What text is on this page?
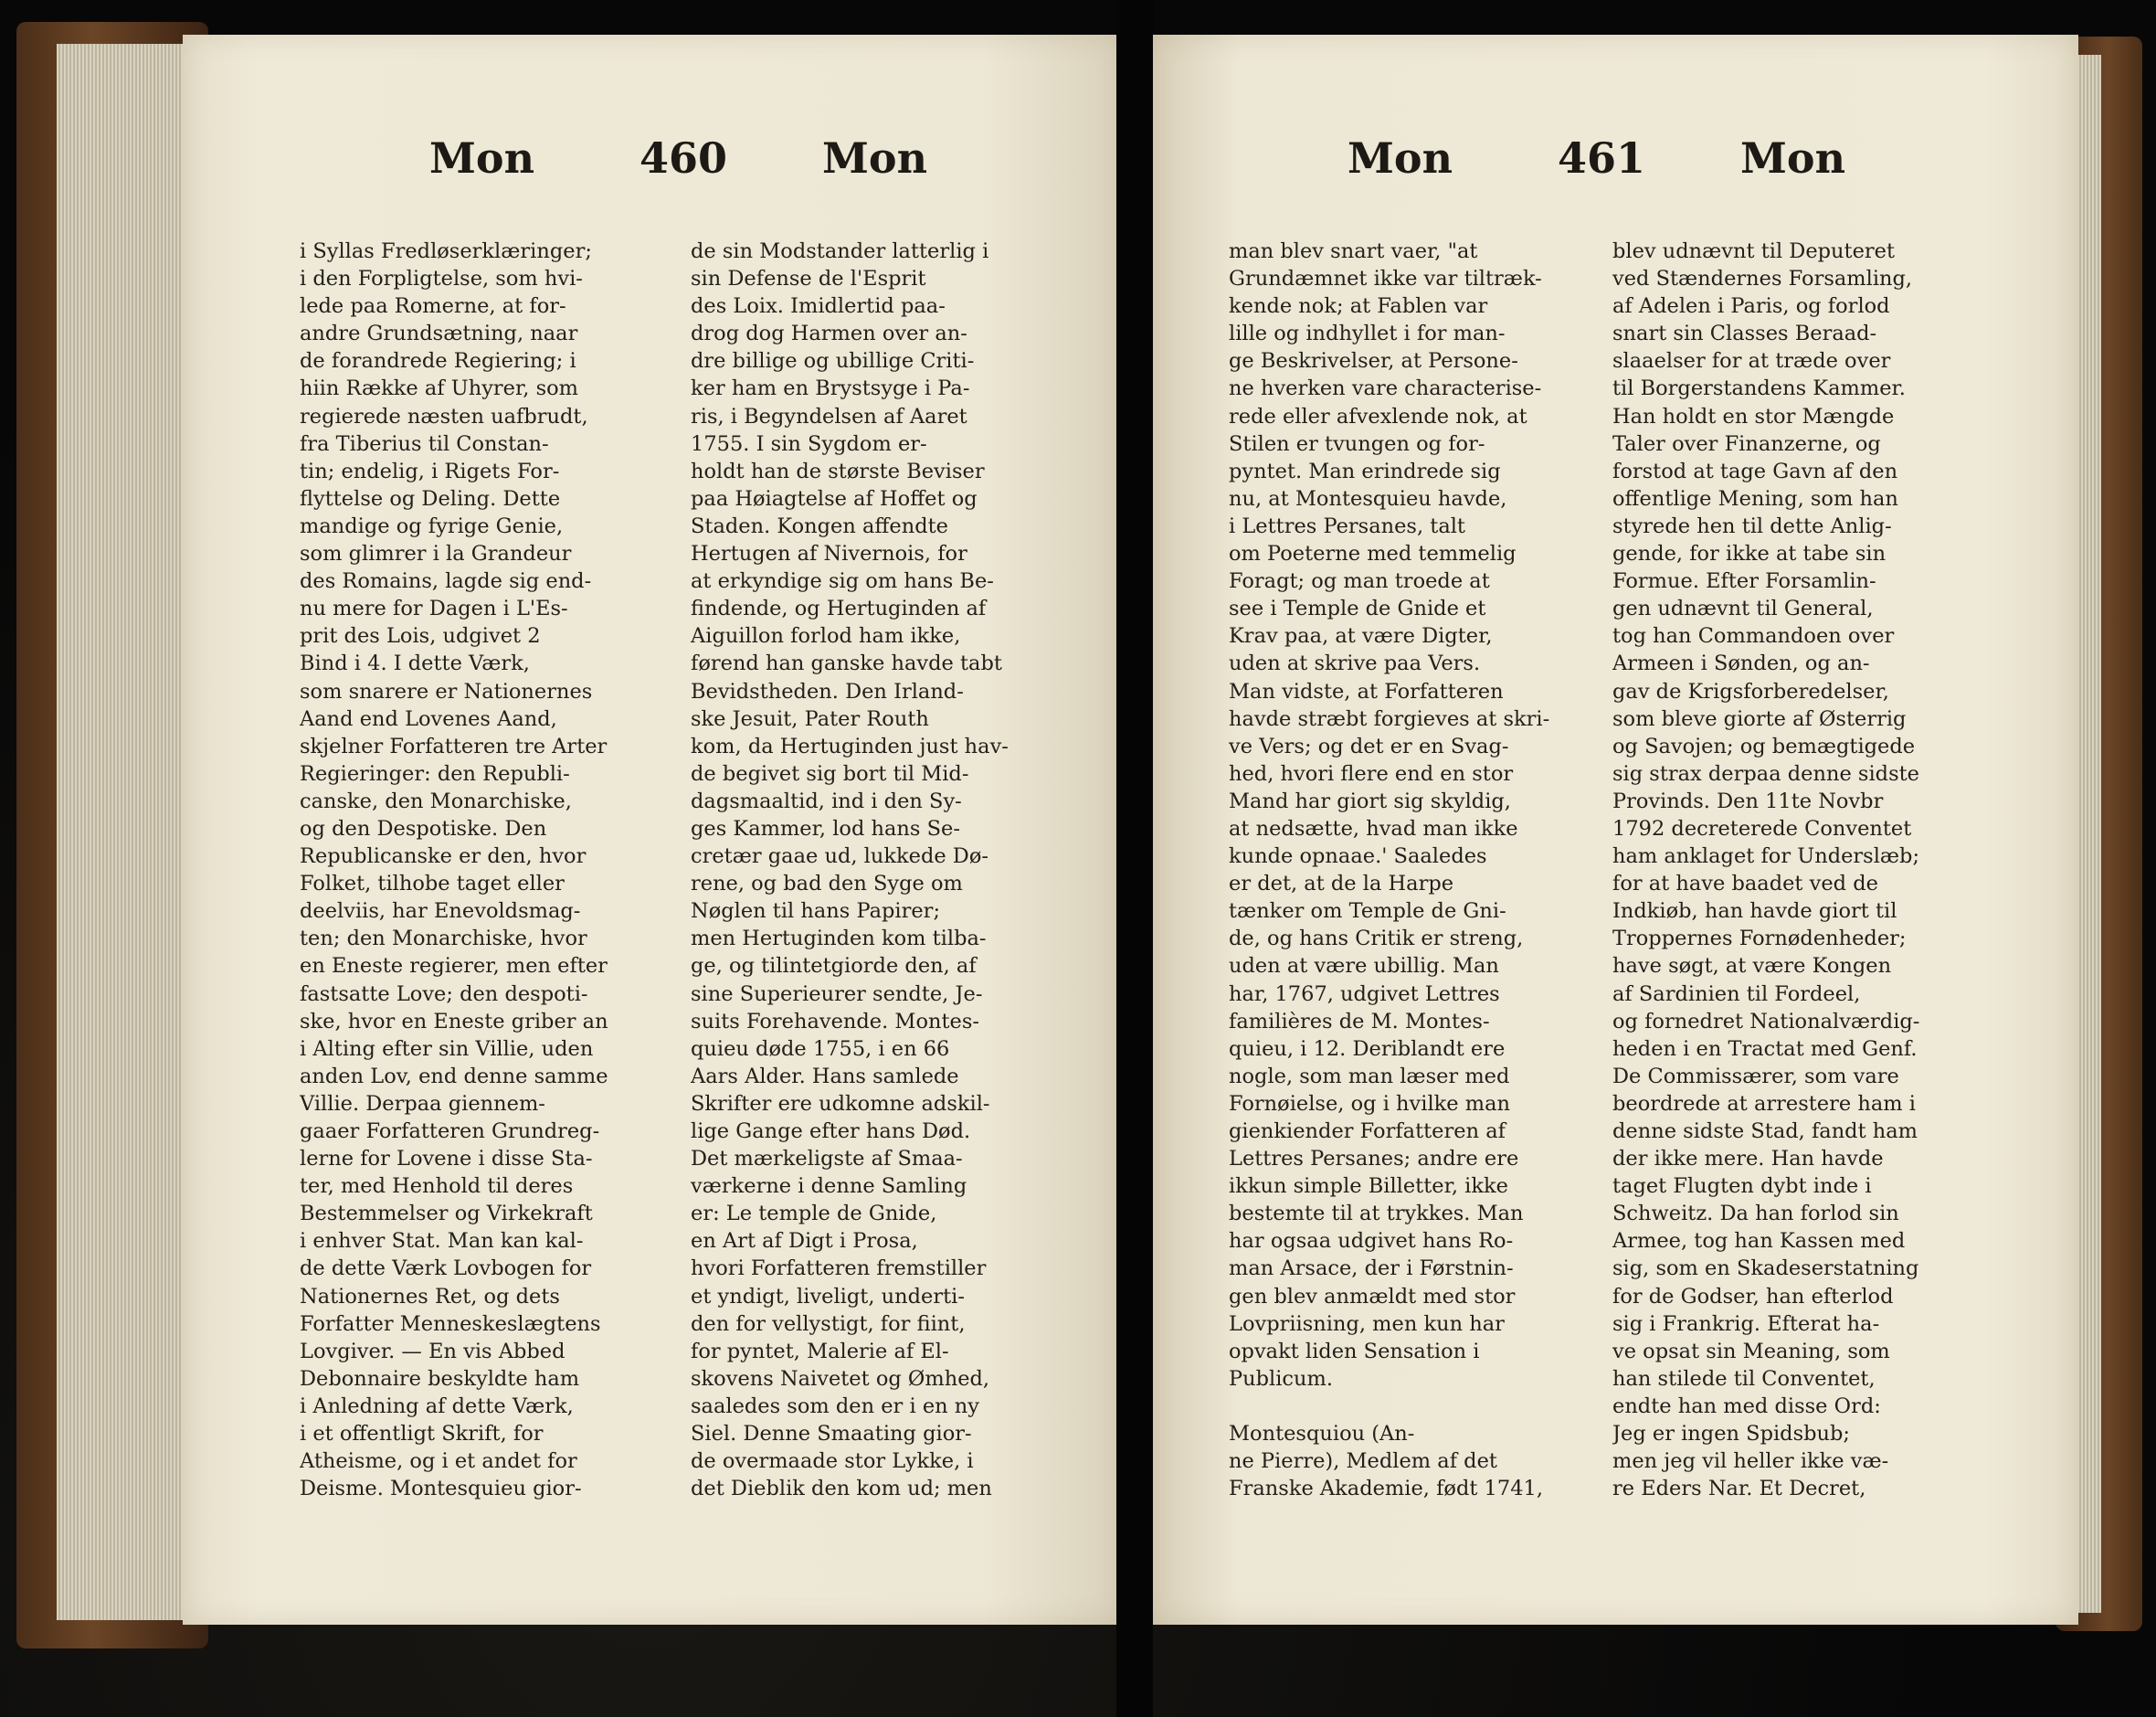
Mon 460 Mon

i Syllas Fredløserklæringer;
i den Forpligtelse, som hvi-
lede paa Romerne, at for-
andre Grundsætning, naar
de forandrede Regiering; i
hiin Række af Uhyrer, som
regierede næsten uafbrudt,
fra Tiberius til Constan-
tin; endelig, i Rigets For-
flyttelse og Deling. Dette
mandige og fyrige Genie,
som glimrer i la Grandeur
des Romains, lagde sig end-
nu mere for Dagen i L'Es-
prit des Lois, udgivet 2
Bind i 4. I dette Værk,
som snarere er Nationernes
Aand end Lovenes Aand,
skjelner Forfatteren tre Arter
Regieringer: den Republi-
canske, den Monarchiske,
og den Despotiske. Den
Republicanske er den, hvor
Folket, tilhobe taget eller
deelviis, har Enevoldsmag-
ten; den Monarchiske, hvor
en Eneste regierer, men efter
fastsatte Love; den despoti-
ske, hvor en Eneste griber an
i Alting efter sin Villie, uden
anden Lov, end denne samme
Villie. Derpaa giennem-
gaaer Forfatteren Grundreg-
lerne for Lovene i disse Sta-
ter, med Henhold til deres
Bestemmelser og Virkekraft
i enhver Stat. Man kan kal-
de dette Værk Lovbogen for
Nationernes Ret, og dets
Forfatter Menneskeslægtens
Lovgiver. — En vis Abbed
Debonnaire beskyldte ham
i Anledning af dette Værk,
i et offentligt Skrift, for
Atheisme, og i et andet for
Deisme. Montesquieu gior-

de sin Modstander latterlig i
sin Defense de l'Esprit
des Loix. Imidlertid paa-
drog dog Harmen over an-
dre billige og ubillige Criti-
ker ham en Brystsyge i Pa-
ris, i Begyndelsen af Aaret
1755. I sin Sygdom er-
holdt han de største Beviser
paa Høiagtelse af Hoffet og
Staden. Kongen affendte
Hertugen af Nivernois, for
at erkyndige sig om hans Be-
findende, og Hertuginden af
Aiguillon forlod ham ikke,
førend han ganske havde tabt
Bevidstheden. Den Irland-
ske Jesuit, Pater Routh
kom, da Hertuginden just hav-
de begivet sig bort til Mid-
dagsmaaltid, ind i den Sy-
ges Kammer, lod hans Se-
cretær gaae ud, lukkede Dø-
rene, og bad den Syge om
Nøglen til hans Papirer;
men Hertuginden kom tilba-
ge, og tilintetgiorde den, af
sine Superieurer sendte, Je-
suits Forehavende. Montes-
quieu døde 1755, i en 66
Aars Alder. Hans samlede
Skrifter ere udkomne adskil-
lige Gange efter hans Død.
Det mærkeligste af Smaa-
værkerne i denne Samling
er: Le temple de Gnide,
en Art af Digt i Prosa,
hvori Forfatteren fremstiller
et yndigt, liveligt, underti-
den for vellystigt, for fiint,
for pyntet, Malerie af El-
skovens Naivetet og Ømhed,
saaledes som den er i en ny
Siel. Denne Smaating gior-
de overmaade stor Lykke, i
det Dieblik den kom ud; men

Mon 461 Mon

man blev snart vaer, "at
Grundæmnet ikke var tiltræk-
kende nok; at Fablen var
lille og indhyllet i for man-
ge Beskrivelser, at Persone-
ne hverken vare characterise-
rede eller afvexlende nok, at
Stilen er tvungen og for-
pyntet. Man erindrede sig
nu, at Montesquieu havde,
i Lettres Persanes, talt
om Poeterne med temmelig
Foragt; og man troede at
see i Temple de Gnide et
Krav paa, at være Digter,
uden at skrive paa Vers.
Man vidste, at Forfatteren
havde stræbt forgieves at skri-
ve Vers; og det er en Svag-
hed, hvori flere end en stor
Mand har giort sig skyldig,
at nedsætte, hvad man ikke
kunde opnaae.' Saaledes
er det, at de la Harpe
tænker om Temple de Gni-
de, og hans Critik er streng,
uden at være ubillig. Man
har, 1767, udgivet Lettres
familières de M. Montes-
quieu, i 12. Deriblandt ere
nogle, som man læser med
Fornøielse, og i hvilke man
gienkiender Forfatteren af
Lettres Persanes; andre ere
ikkun simple Billetter, ikke
bestemte til at trykkes. Man
har ogsaa udgivet hans Ro-
man Arsace, der i Førstnin-
gen blev anmældt med stor
Lovpriisning, men kun har
opvakt liden Sensation i
Publicum.

Montesquiou (An-
ne Pierre), Medlem af det
Franske Akademie, født 1741,

blev udnævnt til Deputeret
ved Stændernes Forsamling,
af Adelen i Paris, og forlod
snart sin Classes Beraad-
slaaelser for at træde over
til Borgerstandens Kammer.
Han holdt en stor Mængde
Taler over Finanzerne, og
forstod at tage Gavn af den
offentlige Mening, som han
styrede hen til dette Anlig-
gende, for ikke at tabe sin
Formue. Efter Forsamlin-
gen udnævnt til General,
tog han Commandoen over
Armeen i Sønden, og an-
gav de Krigsforberedelser,
som bleve giorte af Østerrig
og Savojen; og bemægtigede
sig strax derpaa denne sidste
Provinds. Den 11te Novbr
1792 decreterede Conventet
ham anklaget for Underslæb;
for at have baadet ved de
Indkiøb, han havde giort til
Troppernes Fornødenheder;
have søgt, at være Kongen
af Sardinien til Fordeel,
og fornedret Nationalværdig-
heden i en Tractat med Genf.
De Commissærer, som vare
beordrede at arrestere ham i
denne sidste Stad, fandt ham
der ikke mere. Han havde
taget Flugten dybt inde i
Schweitz. Da han forlod sin
Armee, tog han Kassen med
sig, som en Skadeserstatning
for de Godser, han efterlod
sig i Frankrig. Efterat ha-
ve opsat sin Meaning, som
han stilede til Conventet,
endte han med disse Ord:
Jeg er ingen Spidsbub;
men jeg vil heller ikke væ-
re Eders Nar. Et Decret,
